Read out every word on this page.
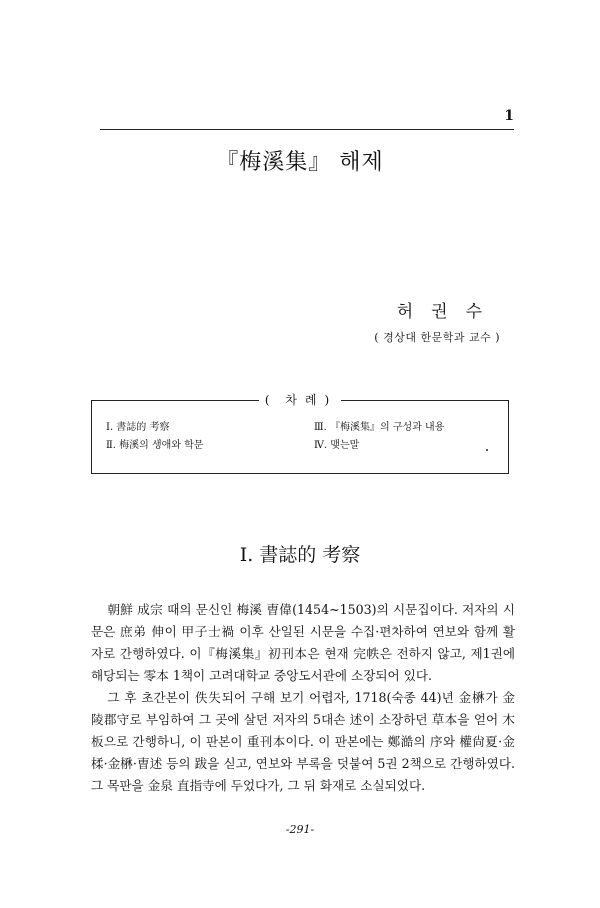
1
『梅溪集』 해제
허권수
( 경상대 한문학과 교수 )
( 차례)
Ⅰ. 書誌的 考察
Ⅱ. 梅溪의 생애와 학문
Ⅲ. 『梅溪集』의 구성과 내용
Ⅳ. 맺는말
Ⅰ. 書誌的 考察
朝鮮 成宗 때의 문신인 梅溪 曺偉(1454~1503)의 시문집이다. 저자의 시문은 庶弟 伸이 甲子士禍 이후 산일된 시문을 수집·편차하여 연보와 함께 활자로 간행하였다. 이『梅溪集』初刊本은 현재 完帙은 전하지 않고, 제1권에 해당되는 零本 1책이 고려대학교 중앙도서관에 소장되어 있다.
그 후 초간본이 佚失되어 구해 보기 어렵자, 1718(숙종 44)년 金楙가 金陵郡守로 부임하여 그 곳에 살던 저자의 5대손 述이 소장하던 草本을 얻어 木板으로 간행하니, 이 판본이 重刊本이다. 이 판본에는 鄭澔의 序와 權尙夏·金楺·金楙·曺述 등의 跋을 싣고, 연보와 부록을 덧붙여 5권 2책으로 간행하였다. 그 목판을 金泉 直指寺에 두었다가, 그 뒤 화재로 소실되었다.
-291-
